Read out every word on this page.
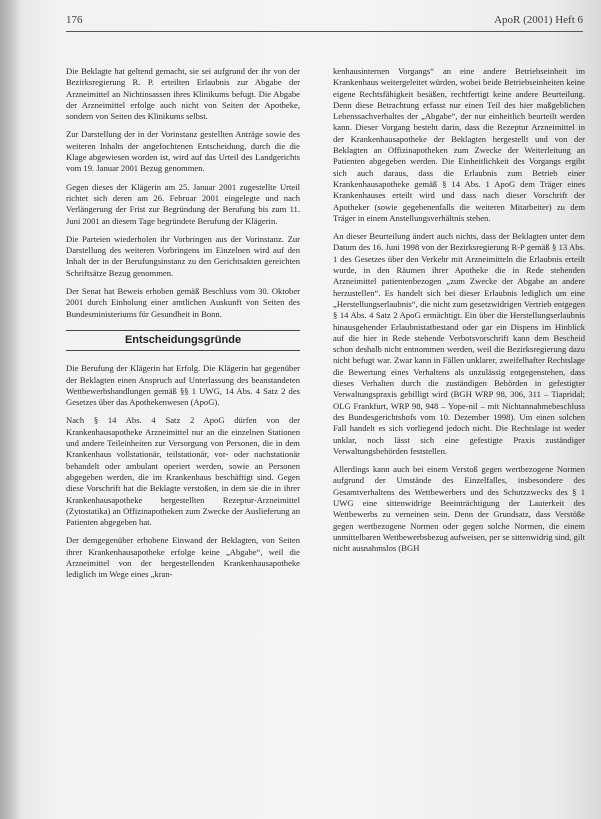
176	ApoR (2001) Heft 6

Die Beklagte hat geltend gemacht, sie sei aufgrund der ihr von der Bezirksregierung R. P. erteilten Erlaubnis zur Abgabe der Arzneimittel an Nichtinsassen ihres Klinikums befugt. Die Abgabe der Arzneimittel erfolge auch nicht von Seiten der Apotheke, sondern von Seiten des Klinikums selbst.

Zur Darstellung der in der Vorinstanz gestellten Anträge sowie des weiteren Inhalts der angefochtenen Entscheidung, durch die die Klage abgewiesen worden ist, wird auf das Urteil des Landgerichts vom 19. Januar 2001 Bezug genommen.

Gegen dieses der Klägerin am 25. Januar 2001 zugestellte Urteil richtet sich deren am 26. Februar 2001 eingelegte und nach Verlängerung der Frist zur Begründung der Berufung bis zum 11. Juni 2001 an diesem Tage begründete Berufung der Klägerin.

Die Parteien wiederholen ihr Vorbringen aus der Vorinstanz. Zur Darstellung des weiteren Vorbringens im Einzelnen wird auf den Inhalt der in der Berufungsinstanz zu den Gerichtsakten gereichten Schriftsätze Bezug genommen.

Der Senat hat Beweis erhoben gemäß Beschluss vom 30. Oktober 2001 durch Einholung einer amtlichen Auskunft von Seiten des Bundesministeriums für Gesundheit in Bonn.

Entscheidungsgründe

Die Berufung der Klägerin hat Erfolg. Die Klägerin hat gegenüber der Beklagten einen Anspruch auf Unterlassung des beanstandeten Wettbewerbshandlungen gemäß §§ 1 UWG, 14 Abs. 4 Satz 2 des Gesetzes über das Apothekenwesen (ApoG).

Nach § 14 Abs. 4 Satz 2 ApoG dürfen von der Krankenhausapotheke Arzneimittel nur an die einzelnen Stationen und andere Teileinheiten zur Versorgung von Personen, die in dem Krankenhaus vollstationär, teilstationär, vor- oder nachstationär behandelt oder ambulant operiert werden, sowie an Personen abgegeben werden, die im Krankenhaus beschäftigt sind. Gegen diese Vorschrift hat die Beklagte verstoßen, in dem sie die in ihrer Krankenhausapotheke hergestellten Rezeptur-Arzneimittel (Zytostatika) an Offizinapotheken zum Zwecke der Auslieferung an Patienten abgegeben hat.

Der demgegenüber erhobene Einwand der Beklagten, von Seiten ihrer Krankenhausapotheke erfolge keine „Abgabe“, weil die Arzneimittel von der hergestellenden Krankenhausapotheke lediglich im Wege eines „kran-

kenhausinternen Vorgangs“ an eine andere Betriebseinheit im Krankenhaus weitergeleitet würden, wobei beide Betriebseinheiten keine eigene Rechtsfähigkeit besäßen, rechtfertigt keine andere Beurteilung. Denn diese Betrachtung erfasst nur einen Teil des hier maßgeblichen Lebenssachverhaltes der „Abgabe“, der nur einheitlich beurteilt werden kann. Dieser Vorgang besteht darin, dass die Rezeptur Arzneimittel in der Krankenhausapotheke der Beklagten hergestellt und von der Beklagten an Offizinapotheken zum Zwecke der Weiterleitung an Patienten abgegeben werden. Die Einheitlichkeit des Vorgangs ergibt sich auch daraus, dass die Erlaubnis zum Betrieb einer Krankenhausapotheke gemäß § 14 Abs. 1 ApoG dem Träger eines Krankenhauses erteilt wird und dass nach dieser Vorschrift der Apotheker (sowie gegebenenfalls die weiteren Mitarbeiter) zu dem Träger in einem Anstellungsverhältnis stehen.

An dieser Beurteilung ändert auch nichts, dass der Beklagten unter dem Datum des 16. Juni 1998 von der Bezirksregierung R-P gemäß § 13 Abs. 1 des Gesetzes über den Verkehr mit Arzneimitteln die Erlaubnis erteilt wurde, in den Räumen ihrer Apotheke die in Rede stehenden Arzneimittel patientenbezogen „zum Zwecke der Abgabe an andere herzustellen“. Es handelt sich bei dieser Erlaubnis lediglich um eine „Herstellungserlaubnis“, die nicht zum gesetzwidrigen Vertrieb entgegen § 14 Abs. 4 Satz 2 ApoG ermächtigt. Ein über die Herstellungserlaubnis hinausgehender Erlaubnistatbestand oder gar ein Dispens im Hinblick auf die hier in Rede stehende Verbotsvorschrift kann dem Bescheid schon deshalb nicht entnommen werden, weil die Bezirksregierung dazu nicht befugt war. Zwar kann in Fällen unklarer, zweifelhafter Rechtslage die Bewertung eines Verhaltens als unzulässig entgegenstehen, dass dieses Verhalten durch die zuständigen Behörden in gefestigter Verwaltungspraxis gebilligt wird (BGH WRP 98, 306, 311 – Tiapridal; OLG Frankfurt, WRP 98, 948 – Yope-nil – mit Nichtannahmebeschluss des Bundesgerichtshofs vom 10. Dezember 1998). Um einen solchen Fall handelt es sich vorliegend jedoch nicht. Die Rechtslage ist weder unklar, noch lässt sich eine gefestigte Praxis zuständiger Verwaltungsbehörden feststellen.

Allerdings kann auch bei einem Verstoß gegen wertbezogene Normen aufgrund der Umstände des Einzelfalles, insbesondere des Gesamtverhaltens des Wettbewerbers und des Schutzzwecks des § 1 UWG eine sittenwidrige Beeinträchtigung der Lauterkeit des Wettbewerbs zu verneinen sein. Denn der Grundsatz, dass Verstöße gegen wertbezogene Normen oder gegen solche Normen, die einem unmittelbaren Wettbewerbsbezug aufweisen, per se sittenwidrig sind, gilt nicht ausnahmslos (BGH
